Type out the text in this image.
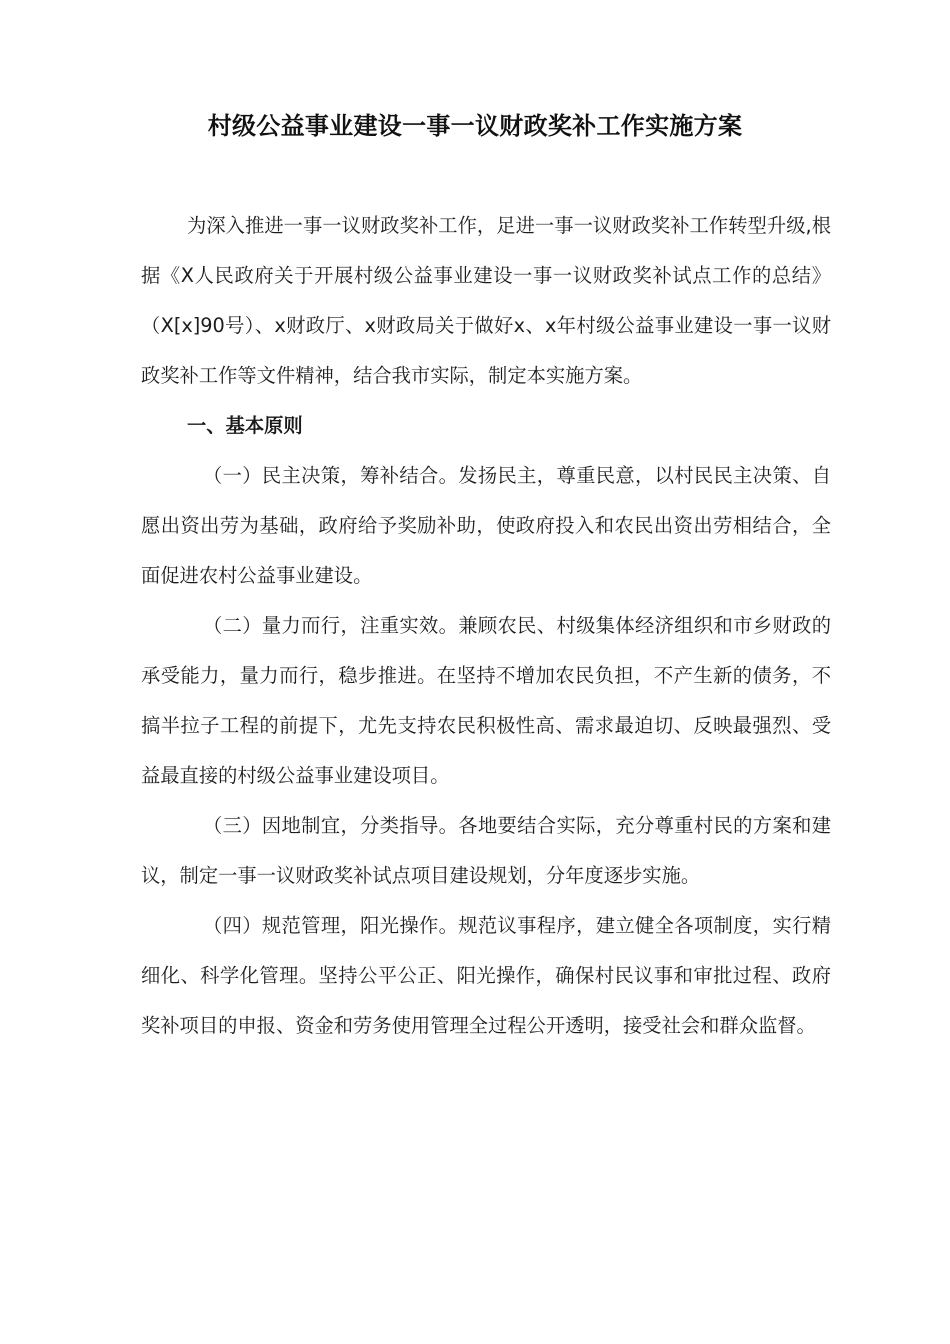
村级公益事业建设一事一议财政奖补工作实施方案

为深入推进一事一议财政奖补工作，足进一事一议财政奖补工作转型升级,根据《X人民政府关于开展村级公益事业建设一事一议财政奖补试点工作的总结》（X[x]90号）、x财政厅、x财政局关于做好x、x年村级公益事业建设一事一议财政奖补工作等文件精神，结合我市实际，制定本实施方案。

一、基本原则

（一）民主决策，筹补结合。发扬民主，尊重民意，以村民民主决策、自愿出资出劳为基础，政府给予奖励补助，使政府投入和农民出资出劳相结合，全面促进农村公益事业建设。

（二）量力而行，注重实效。兼顾农民、村级集体经济组织和市乡财政的承受能力，量力而行，稳步推进。在坚持不增加农民负担，不产生新的债务，不搞半拉子工程的前提下，尤先支持农民积极性高、需求最迫切、反映最强烈、受益最直接的村级公益事业建设项目。

（三）因地制宜，分类指导。各地要结合实际，充分尊重村民的方案和建议，制定一事一议财政奖补试点项目建设规划，分年度逐步实施。

（四）规范管理，阳光操作。规范议事程序，建立健全各项制度，实行精细化、科学化管理。坚持公平公正、阳光操作，确保村民议事和审批过程、政府奖补项目的申报、资金和劳务使用管理全过程公开透明，接受社会和群众监督。
